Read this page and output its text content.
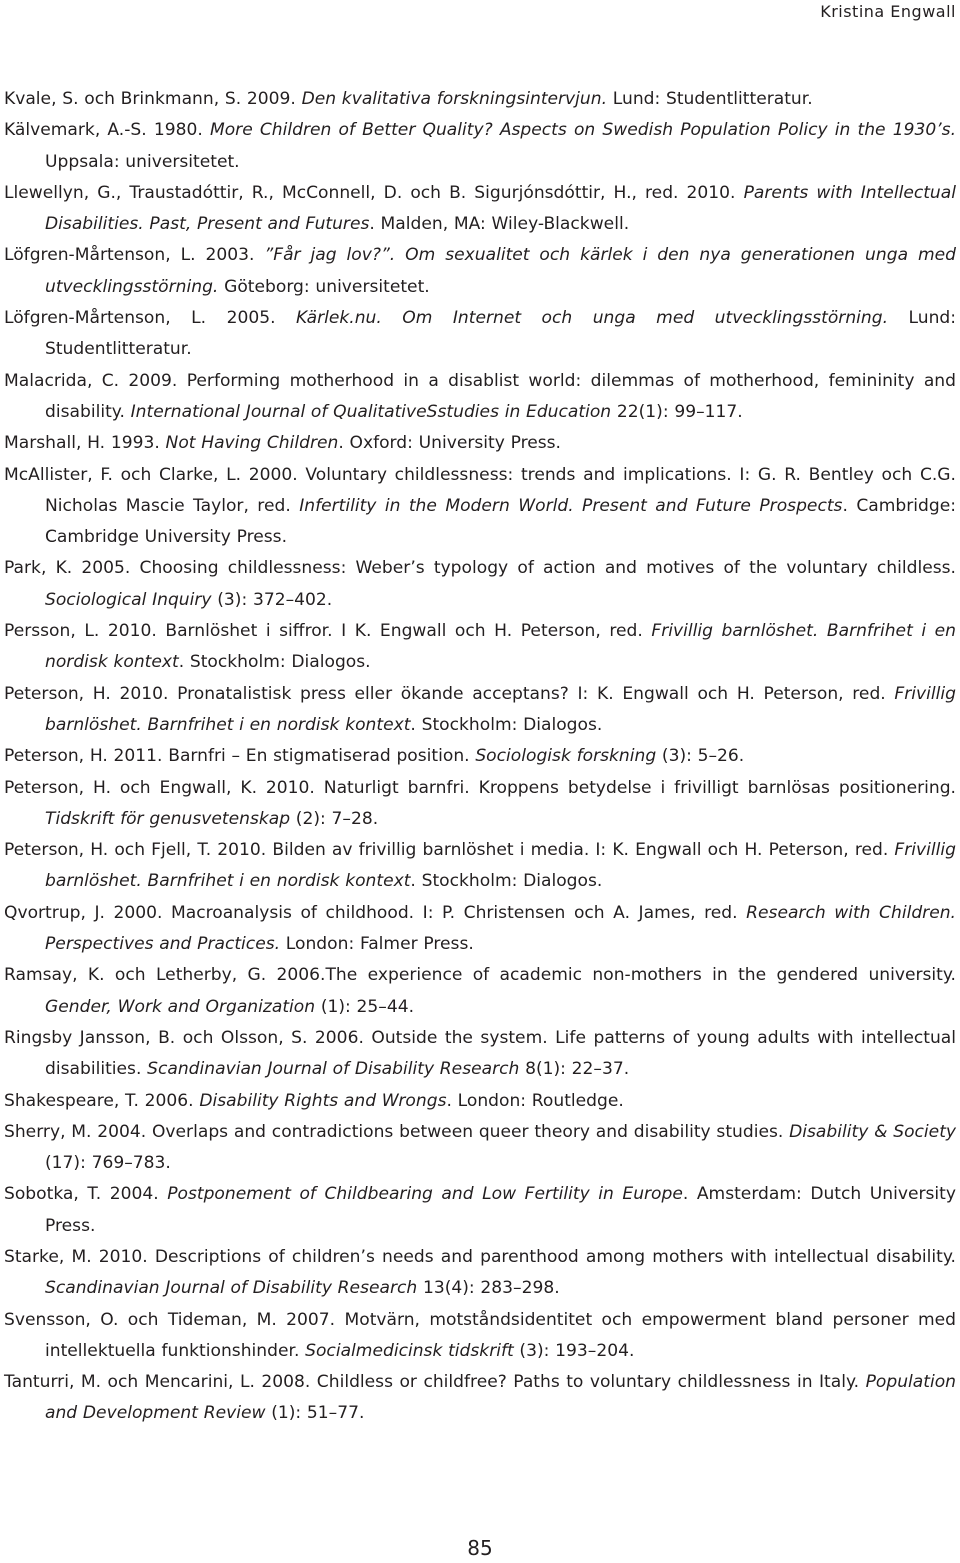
Kristina Engwall
Kvale, S. och Brinkmann, S. 2009. Den kvalitativa forskningsintervjun. Lund: Studentlitteratur.
Kälvemark, A.-S. 1980. More Children of Better Quality? Aspects on Swedish Population Policy in the 1930’s. Uppsala: universitetet.
Llewellyn, G., Traustadóttir, R., McConnell, D. och B. Sigurjónsdóttir, H., red. 2010. Parents with Intellectual Disabilities. Past, Present and Futures. Malden, MA: Wiley-Blackwell.
Löfgren-Mårtenson, L. 2003. ”Får jag lov?”. Om sexualitet och kärlek i den nya generationen unga med utvecklingsstörning. Göteborg: universitetet.
Löfgren-Mårtenson, L. 2005. Kärlek.nu. Om Internet och unga med utvecklingsstörning. Lund: Studentlitteratur.
Malacrida, C. 2009. Performing motherhood in a disablist world: dilemmas of motherhood, femininity and disability. International Journal of QualitativeSstudies in Education 22(1): 99–117.
Marshall, H. 1993. Not Having Children. Oxford: University Press.
McAllister, F. och Clarke, L. 2000. Voluntary childlessness: trends and implications. I: G. R. Bentley och C.G. Nicholas Mascie Taylor, red. Infertility in the Modern World. Present and Future Prospects. Cambridge: Cambridge University Press.
Park, K. 2005. Choosing childlessness: Weber’s typology of action and motives of the voluntary childless. Sociological Inquiry (3): 372–402.
Persson, L. 2010. Barnlöshet i siffror. I K. Engwall och H. Peterson, red. Frivillig barnlöshet. Barnfrihet i en nordisk kontext. Stockholm: Dialogos.
Peterson, H. 2010. Pronatalistisk press eller ökande acceptans? I: K. Engwall och H. Peterson, red. Frivillig barnlöshet. Barnfrihet i en nordisk kontext. Stockholm: Dialogos.
Peterson, H. 2011. Barnfri – En stigmatiserad position. Sociologisk forskning (3): 5–26.
Peterson, H. och Engwall, K. 2010. Naturligt barnfri. Kroppens betydelse i frivilligt barnlösas positionering. Tidskrift för genusvetenskap (2): 7–28.
Peterson, H. och Fjell, T. 2010. Bilden av frivillig barnlöshet i media. I: K. Engwall och H. Peterson, red. Frivillig barnlöshet. Barnfrihet i en nordisk kontext. Stockholm: Dialogos.
Qvortrup, J. 2000. Macroanalysis of childhood. I: P. Christensen och A. James, red. Research with Children. Perspectives and Practices. London: Falmer Press.
Ramsay, K. och Letherby, G. 2006.The experience of academic non-mothers in the gendered university. Gender, Work and Organization (1): 25–44.
Ringsby Jansson, B. och Olsson, S. 2006. Outside the system. Life patterns of young adults with intellectual disabilities. Scandinavian Journal of Disability Research 8(1): 22–37.
Shakespeare, T. 2006. Disability Rights and Wrongs. London: Routledge.
Sherry, M. 2004. Overlaps and contradictions between queer theory and disability studies. Disability & Society (17): 769–783.
Sobotka, T. 2004. Postponement of Childbearing and Low Fertility in Europe. Amsterdam: Dutch University Press.
Starke, M. 2010. Descriptions of children’s needs and parenthood among mothers with intellectual disability. Scandinavian Journal of Disability Research 13(4): 283–298.
Svensson, O. och Tideman, M. 2007. Motvärn, motståndsidentitet och empowerment bland personer med intellektuella funktionshinder. Socialmedicinsk tidskrift (3): 193–204.
Tanturri, M. och Mencarini, L. 2008. Childless or childfree? Paths to voluntary childlessness in Italy. Population and Development Review (1): 51–77.
85
